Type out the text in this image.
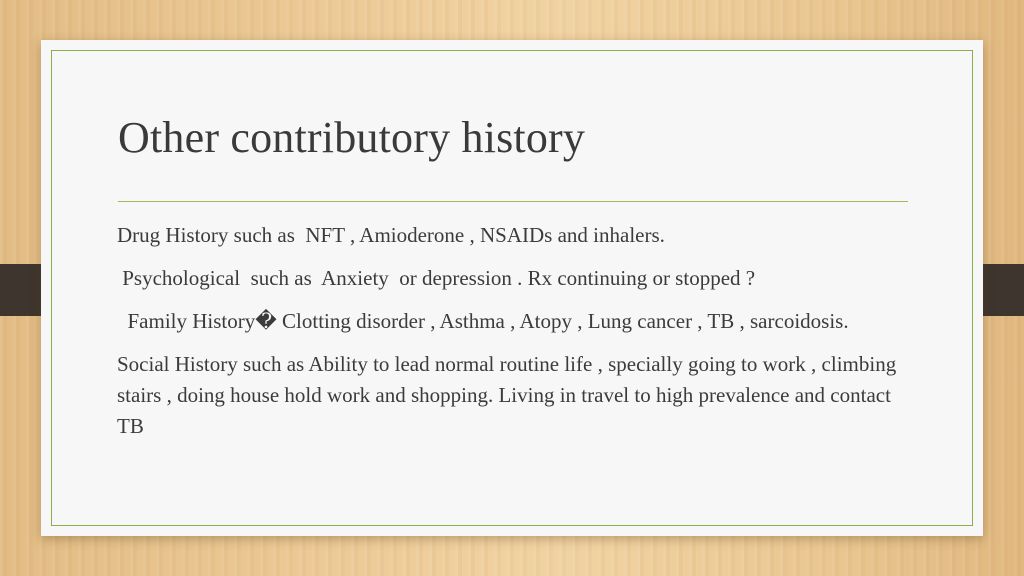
Other contributory history

Drug History such as  NFT , Amioderone , NSAIDs and inhalers.

Psychological  such as  Anxiety  or depression . Rx continuing or stopped ?

Family History� Clotting disorder , Asthma , Atopy , Lung cancer , TB , sarcoidosis.

Social History such as Ability to lead normal routine life , specially going to work , climbing stairs , doing house hold work and shopping. Living in travel to high prevalence and contact TB
